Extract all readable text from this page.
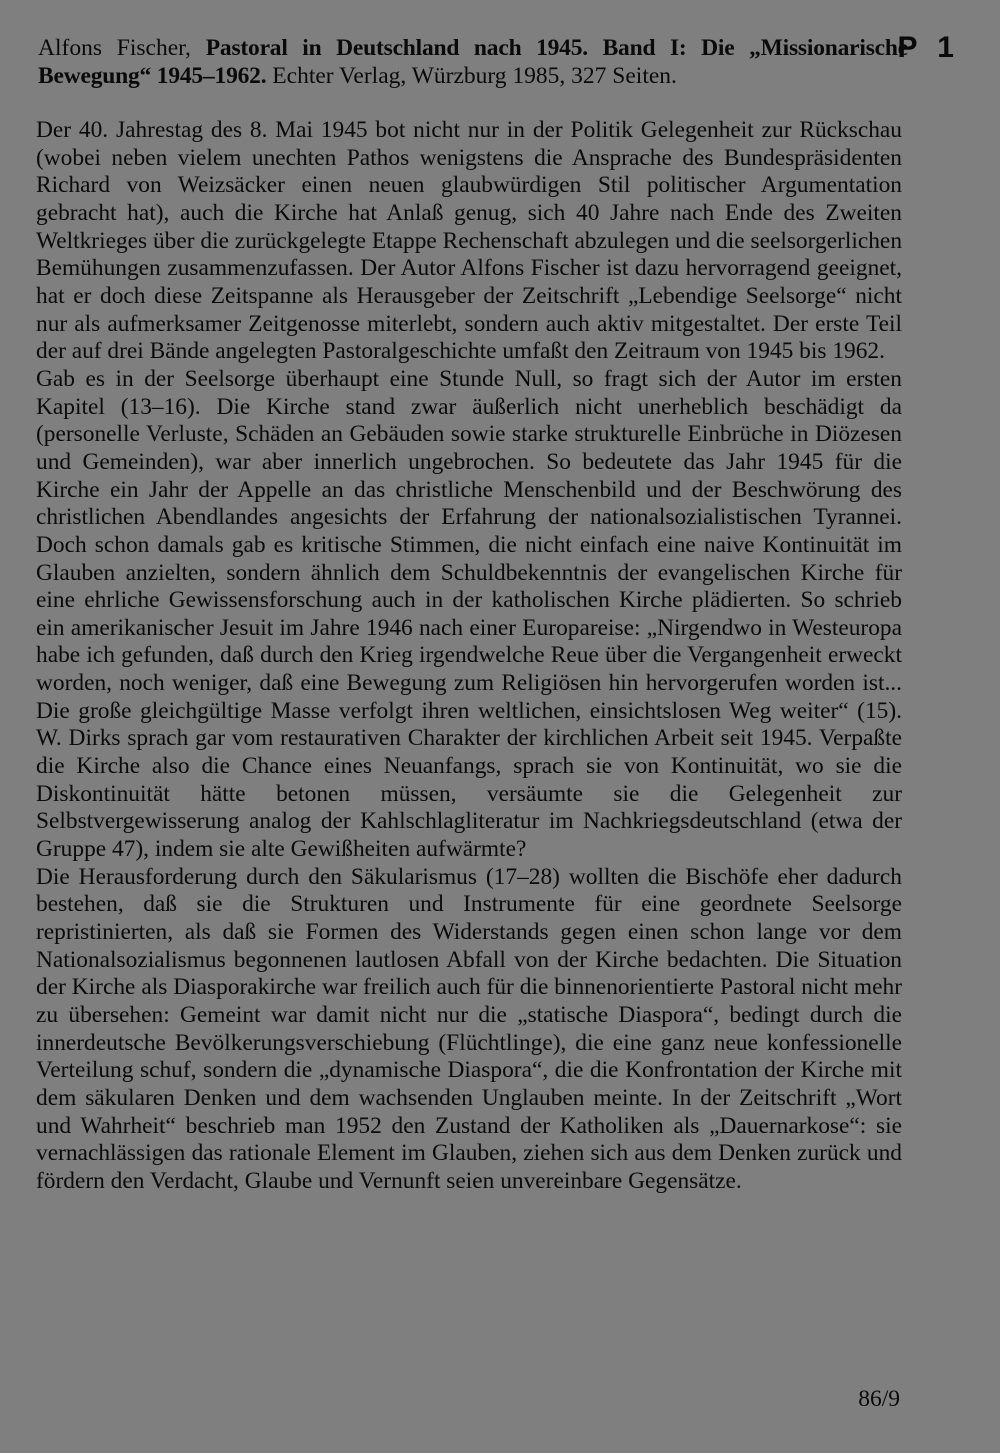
Alfons Fischer, Pastoral in Deutschland nach 1945. Band I: Die „Missionarische Bewegung“ 1945–1962. Echter Verlag, Würzburg 1985, 327 Seiten.
P 1

Der 40. Jahrestag des 8. Mai 1945 bot nicht nur in der Politik Gelegenheit zur Rückschau (wobei neben vielem unechten Pathos wenigstens die Ansprache des Bundespräsidenten Richard von Weizsäcker einen neuen glaubwürdigen Stil politischer Argumentation gebracht hat), auch die Kirche hat Anlaß genug, sich 40 Jahre nach Ende des Zweiten Weltkrieges über die zurückgelegte Etappe Rechenschaft abzulegen und die seelsorgerlichen Bemühungen zusammenzufassen. Der Autor Alfons Fischer ist dazu hervorragend geeignet, hat er doch diese Zeitspanne als Herausgeber der Zeitschrift „Lebendige Seelsorge“ nicht nur als aufmerksamer Zeitgenosse miterlebt, sondern auch aktiv mitgestaltet. Der erste Teil der auf drei Bände angelegten Pastoralgeschichte umfaßt den Zeitraum von 1945 bis 1962.

Gab es in der Seelsorge überhaupt eine Stunde Null, so fragt sich der Autor im ersten Kapitel (13–16). Die Kirche stand zwar äußerlich nicht unerheblich beschädigt da (personelle Verluste, Schäden an Gebäuden sowie starke strukturelle Einbrüche in Diözesen und Gemeinden), war aber innerlich ungebrochen. So bedeutete das Jahr 1945 für die Kirche ein Jahr der Appelle an das christliche Menschenbild und der Beschwörung des christlichen Abendlandes angesichts der Erfahrung der nationalsozialistischen Tyrannei. Doch schon damals gab es kritische Stimmen, die nicht einfach eine naive Kontinuität im Glauben anzielten, sondern ähnlich dem Schuldbekenntnis der evangelischen Kirche für eine ehrliche Gewissensforschung auch in der katholischen Kirche plädierten. So schrieb ein amerikanischer Jesuit im Jahre 1946 nach einer Europareise: „Nirgendwo in Westeuropa habe ich gefunden, daß durch den Krieg irgendwelche Reue über die Vergangenheit erweckt worden, noch weniger, daß eine Bewegung zum Religiösen hin hervorgerufen worden ist... Die große gleichgültige Masse verfolgt ihren weltlichen, einsichtslosen Weg weiter“ (15). W. Dirks sprach gar vom restaurativen Charakter der kirchlichen Arbeit seit 1945. Verpaßte die Kirche also die Chance eines Neuanfangs, sprach sie von Kontinuität, wo sie die Diskontinuität hätte betonen müssen, versäumte sie die Gelegenheit zur Selbstvergewisserung analog der Kahlschlagliteratur im Nachkriegsdeutschland (etwa der Gruppe 47), indem sie alte Gewißheiten aufwärmte?

Die Herausforderung durch den Säkularismus (17–28) wollten die Bischöfe eher dadurch bestehen, daß sie die Strukturen und Instrumente für eine geordnete Seelsorge repristinierten, als daß sie Formen des Widerstands gegen einen schon lange vor dem Nationalsozialismus begonnenen lautlosen Abfall von der Kirche bedachten. Die Situation der Kirche als Diasporakirche war freilich auch für die binnenorientierte Pastoral nicht mehr zu übersehen: Gemeint war damit nicht nur die „statische Diaspora“, bedingt durch die innerdeutsche Bevölkerungsverschiebung (Flüchtlinge), die eine ganz neue konfessionelle Verteilung schuf, sondern die „dynamische Diaspora“, die die Konfrontation der Kirche mit dem säkularen Denken und dem wachsenden Unglauben meinte. In der Zeitschrift „Wort und Wahrheit“ beschrieb man 1952 den Zustand der Katholiken als „Dauernarkose“: sie vernachlässigen das rationale Element im Glauben, ziehen sich aus dem Denken zurück und fördern den Verdacht, Glaube und Vernunft seien unvereinbare Gegensätze.

86/9
